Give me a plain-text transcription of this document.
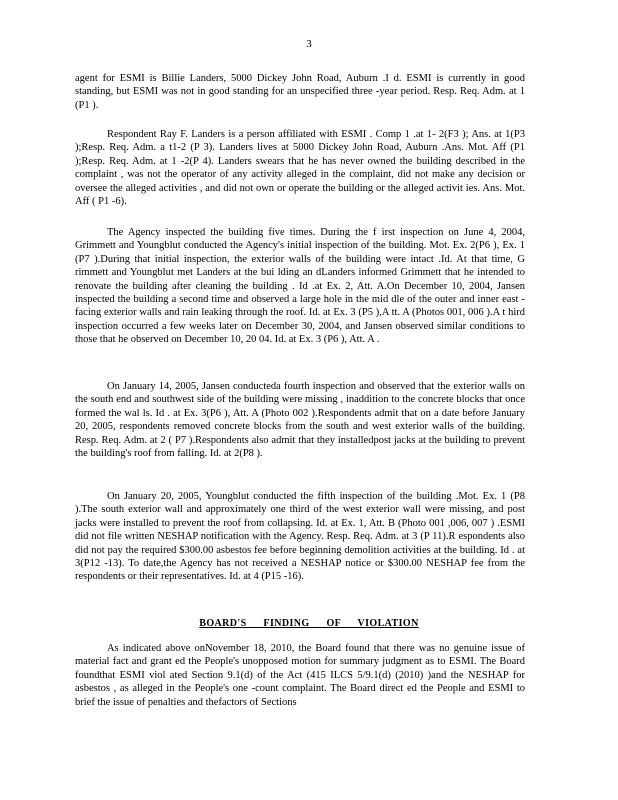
3

agent for ESMI is Billie Landers, 5000 Dickey John Road, Auburn .I d. ESMI is currently in good standing, but ESMI was not in good standing for an unspecified three -year period. Resp. Req. Adm. at 1 (P1 ).

Respondent Ray F. Landers is a person affiliated with ESMI . Comp 1 .at 1- 2(F3 ); Ans. at 1(P3 );Resp. Req. Adm. a t1-2 (P 3). Landers lives at 5000 Dickey John Road, Auburn .Ans. Mot. Aff (P1 );Resp. Req. Adm. at 1 -2(P 4). Landers swears that he has never owned the building described in the complaint , was not the operator of any activity alleged in the complaint, did not make any decision or oversee the alleged activities , and did not own or operate the building or the alleged activit ies. Ans. Mot. Aff ( P1 -6).

The Agency inspected the building five times. During the f irst inspection on June 4, 2004, Grimmett and Youngblut conducted the Agency's initial inspection of the building. Mot. Ex. 2(P6 ), Ex. 1 (P7 ).During that initial inspection, the exterior walls of the building were intact .Id. At that time, G rimmett and Youngblut met Landers at the bui lding an dLanders informed Grimmett that he intended to renovate the building after cleaning the building . Id .at Ex. 2, Att. A.On December 10, 2004, Jansen inspected the building a second time and observed a large hole in the mid dle of the outer and inner east - facing exterior walls and rain leaking through the roof. Id. at Ex. 3 (P5 ),A tt. A (Photos 001, 006 ).A t hird inspection occurred a few weeks later on December 30, 2004, and Jansen observed similar conditions to those that he observed on December 10, 20 04. Id. at Ex. 3 (P6 ), Att. A .

On January 14, 2005, Jansen conducteda fourth inspection and observed that the exterior walls on the south end and southwest side of the building were missing , inaddition to the concrete blocks that once formed the wal ls. Id . at Ex. 3(P6 ), Att. A (Photo 002 ).Respondents admit that on a date before January 20, 2005, respondents removed concrete blocks from the south and west exterior walls of the building. Resp. Req. Adm. at 2 ( P7 ).Respondents also admit that they installedpost jacks at the building to prevent the building's roof from falling. Id. at 2(P8 ).

On January 20, 2005, Youngblut conducted the fifth inspection of the building .Mot. Ex. 1 (P8 ).The south exterior wall and approximately one third of the west exterior wall were missing, and post jacks were installed to prevent the roof from collapsing. Id. at Ex. 1, Att. B (Photo 001 ,006, 007 ) .ESMI did not file written NESHAP notification with the Agency. Resp. Req. Adm. at 3 (P 11).R espondents also did not pay the required $300.00 asbestos fee before beginning demolition activities at the building. Id . at 3(P12 -13). To date,the Agency has not received a NESHAP notice or $300.00 NESHAP fee from the respondents or their representatives. Id. at 4 (P15 -16).

BOARD'S FINDING OF VIOLATION

As indicated above onNovember 18, 2010, the Board found that there was no genuine issue of material fact and grant ed the People's unopposed motion for summary judgment as to ESMI. The Board foundthat ESMI viol ated Section 9.1(d) of the Act (415 ILCS 5/9.1(d) (2010) )and the NESHAP for asbestos , as alleged in the People's one -count complaint. The Board direct ed the People and ESMI to brief the issue of penalties and thefactors of Sections
